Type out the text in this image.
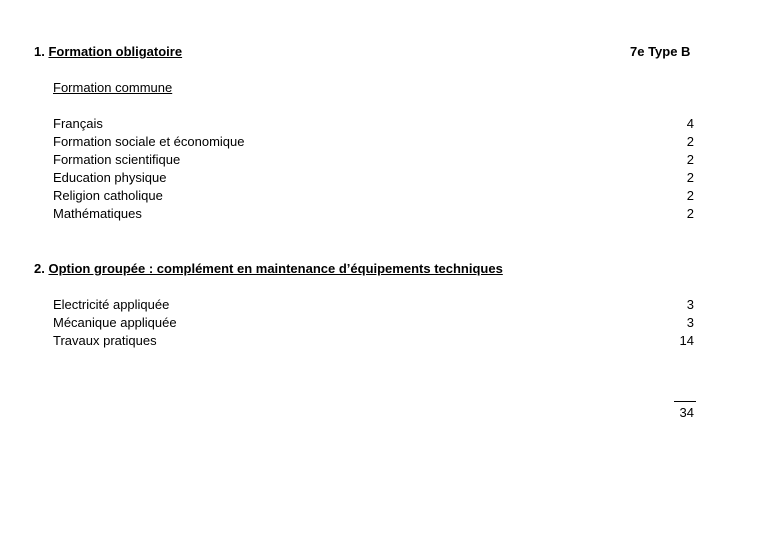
1. Formation obligatoire	7e Type B
Formation commune
Français	4
Formation sociale et économique	2
Formation scientifique	2
Education physique	2
Religion catholique	2
Mathématiques	2
2. Option groupée : complément en maintenance d’équipements techniques
Electricité appliquée	3
Mécanique appliquée	3
Travaux pratiques	14
34
